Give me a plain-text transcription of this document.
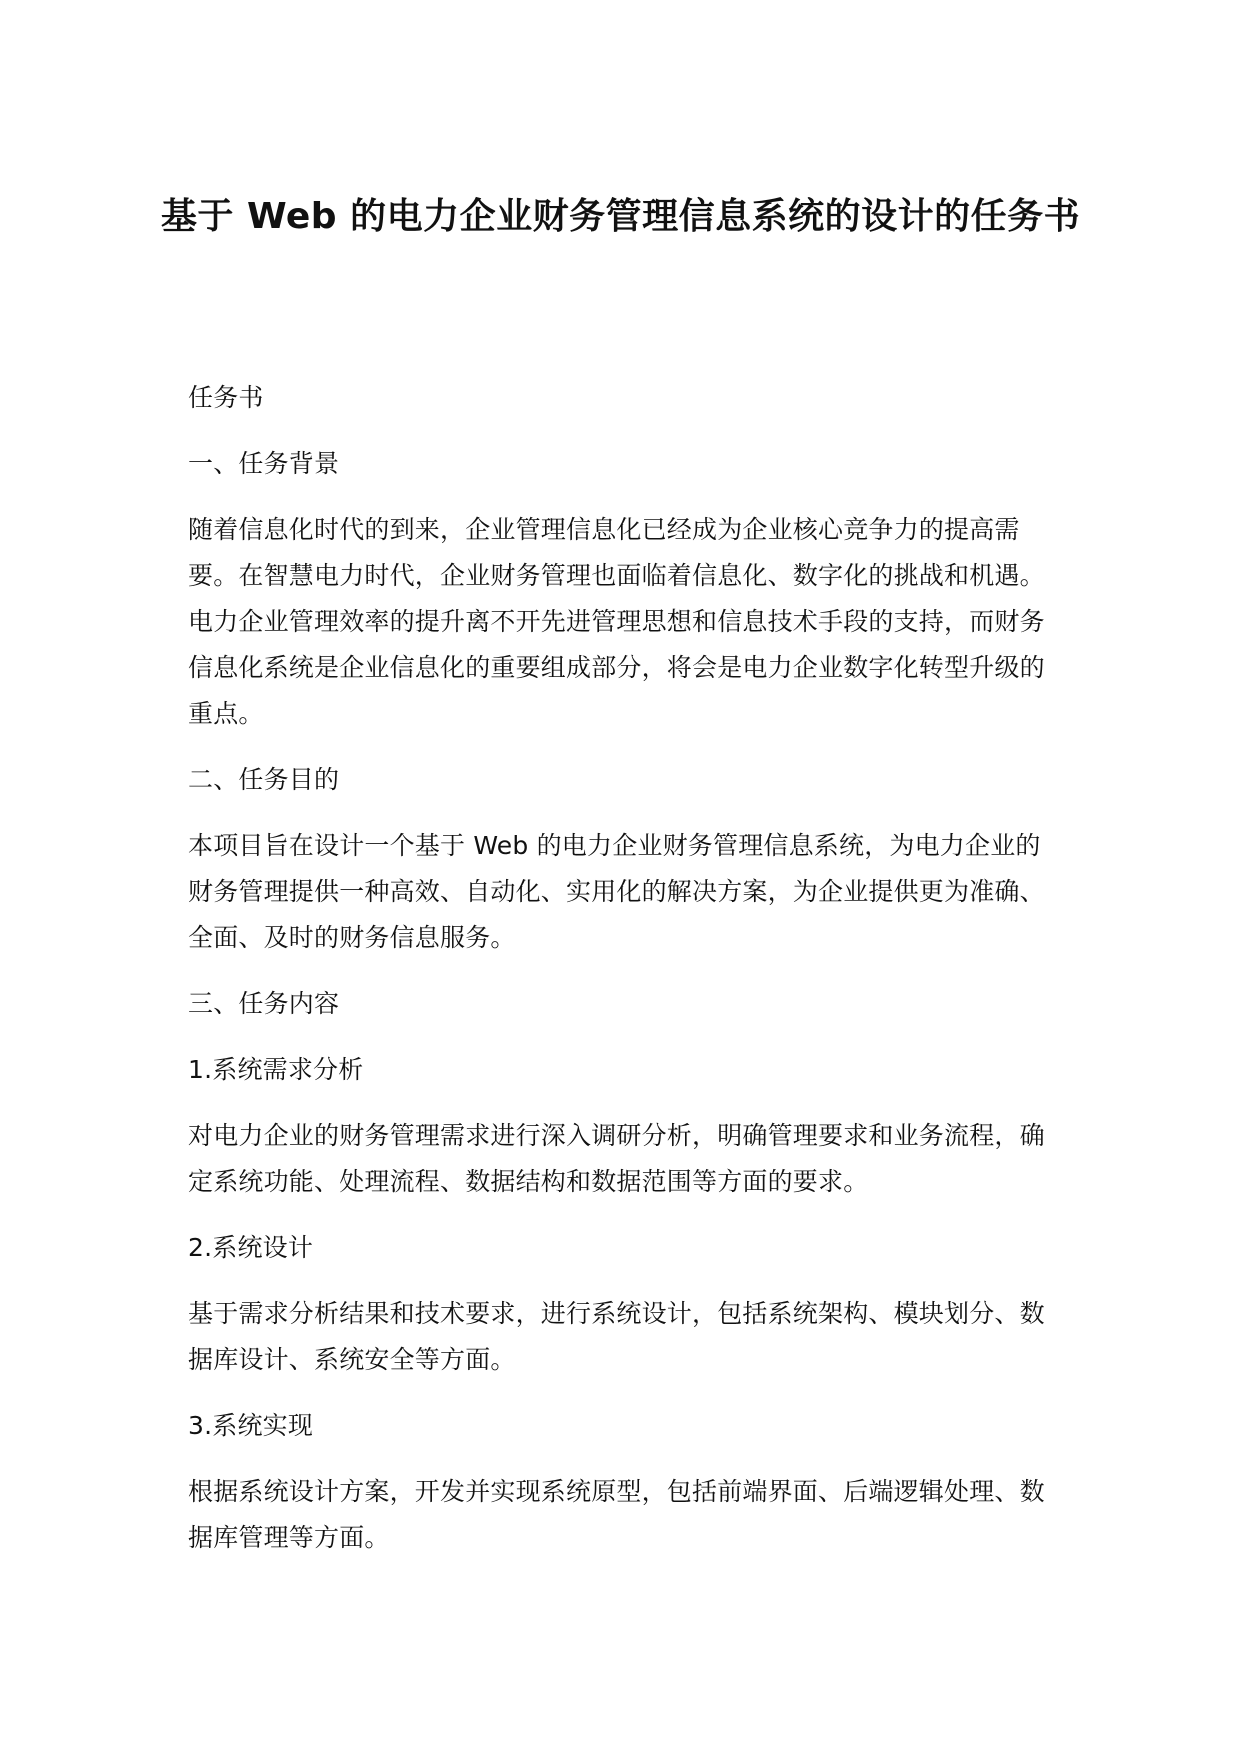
基于 Web 的电力企业财务管理信息系统的设计的任务书

任务书

一、任务背景

随着信息化时代的到来，企业管理信息化已经成为企业核心竞争力的提高需要。在智慧电力时代，企业财务管理也面临着信息化、数字化的挑战和机遇。电力企业管理效率的提升离不开先进管理思想和信息技术手段的支持，而财务信息化系统是企业信息化的重要组成部分，将会是电力企业数字化转型升级的重点。

二、任务目的

本项目旨在设计一个基于 Web 的电力企业财务管理信息系统，为电力企业的财务管理提供一种高效、自动化、实用化的解决方案，为企业提供更为准确、全面、及时的财务信息服务。

三、任务内容

1.系统需求分析

对电力企业的财务管理需求进行深入调研分析，明确管理要求和业务流程，确定系统功能、处理流程、数据结构和数据范围等方面的要求。

2.系统设计

基于需求分析结果和技术要求，进行系统设计，包括系统架构、模块划分、数据库设计、系统安全等方面。

3.系统实现

根据系统设计方案，开发并实现系统原型，包括前端界面、后端逻辑处理、数据库管理等方面。
